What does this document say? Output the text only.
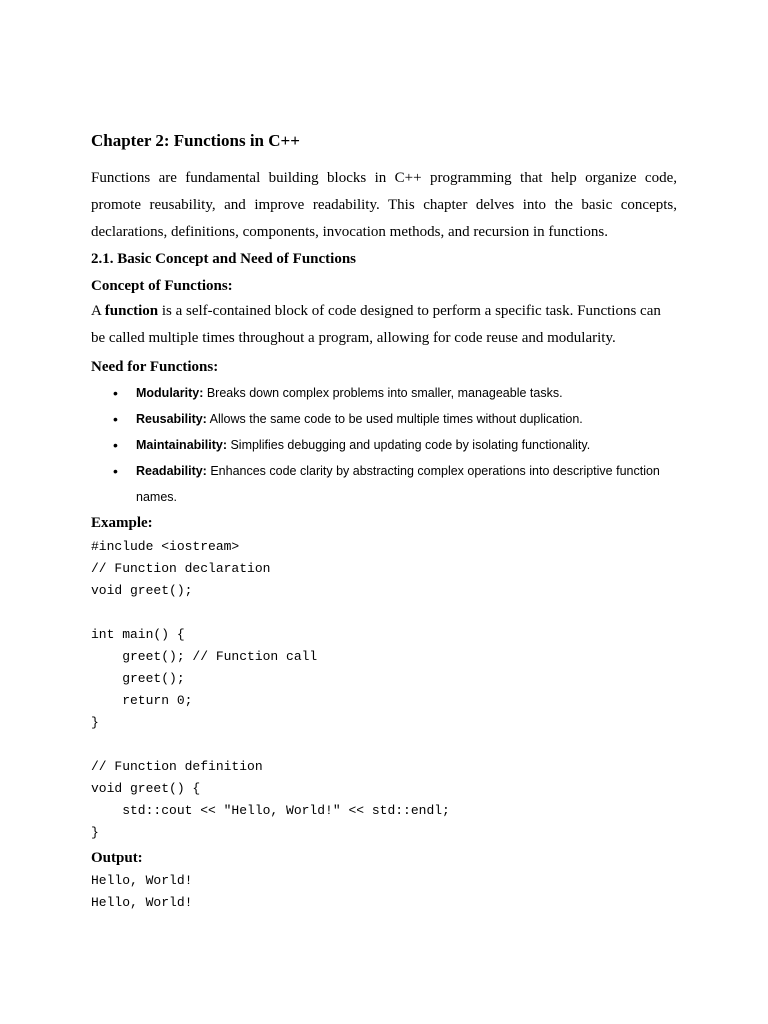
Chapter 2: Functions in C++
Functions are fundamental building blocks in C++ programming that help organize code, promote reusability, and improve readability. This chapter delves into the basic concepts, declarations, definitions, components, invocation methods, and recursion in functions.
2.1. Basic Concept and Need of Functions
Concept of Functions:
A function is a self-contained block of code designed to perform a specific task. Functions can be called multiple times throughout a program, allowing for code reuse and modularity.
Need for Functions:
• Modularity: Breaks down complex problems into smaller, manageable tasks.
• Reusability: Allows the same code to be used multiple times without duplication.
• Maintainability: Simplifies debugging and updating code by isolating functionality.
• Readability: Enhances code clarity by abstracting complex operations into descriptive function names.
Example:
#include <iostream>
// Function declaration
void greet();

int main() {
greet(); // Function call
greet();
return 0;
}

// Function definition
void greet() {
std::cout << "Hello, World!" << std::endl;
}
Output:
Hello, World!
Hello, World!
